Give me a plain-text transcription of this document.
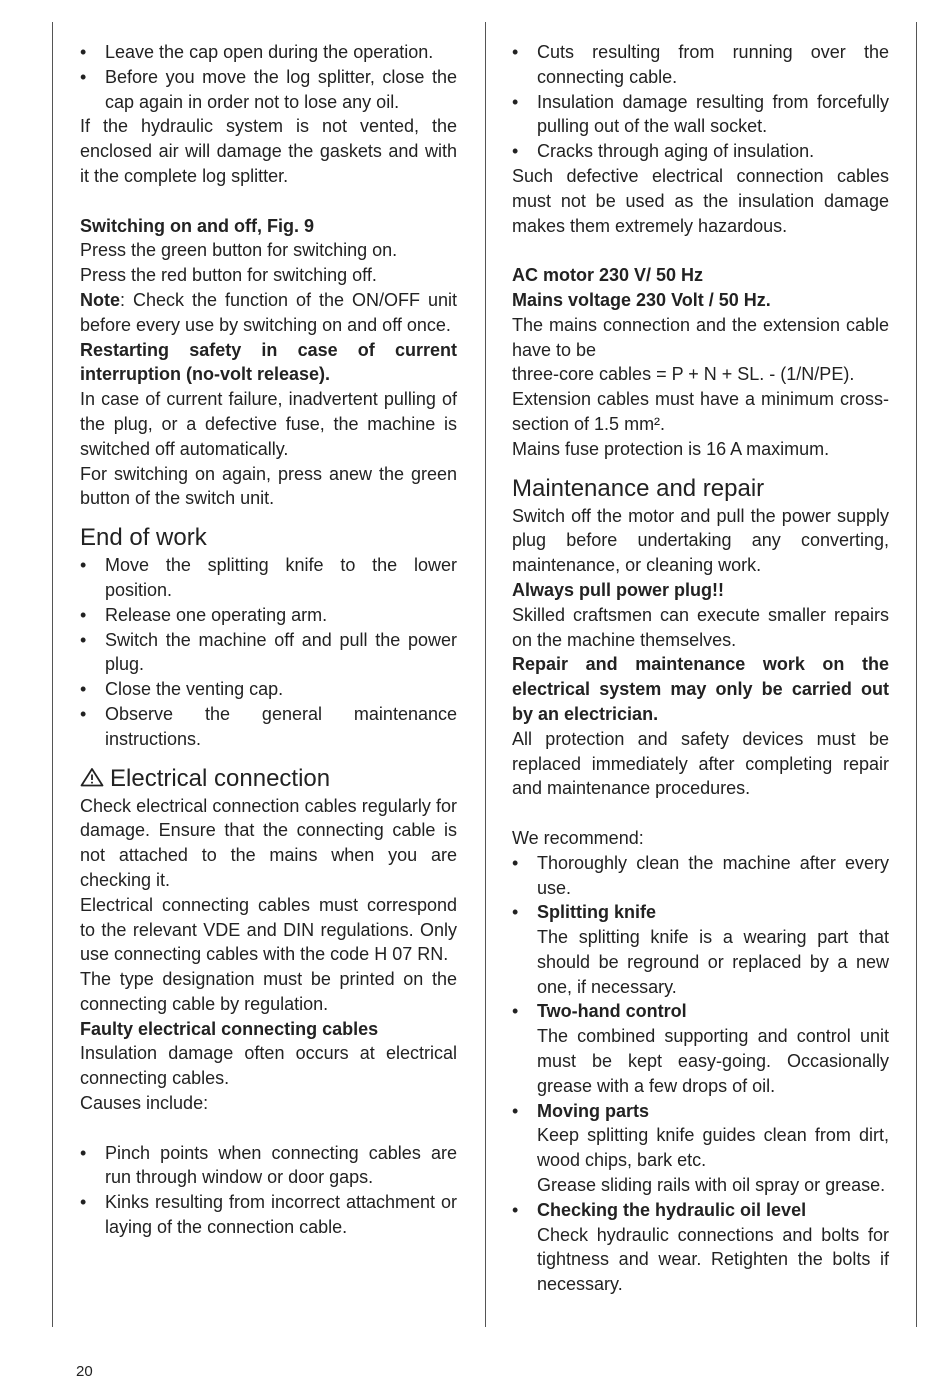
• Leave the cap open during the operation.
• Before you move the log splitter, close the cap again in order not to lose any oil.

If the hydraulic system is not vented, the enclosed air will damage the gaskets and with it the complete log splitter.

Switching on and off, Fig. 9

Press the green button for switching on.

Press the red button for switching off.

Note: Check the function of the ON/OFF unit before every use by switching on and off once.

Restarting safety in case of current interruption (no-volt release).

In case of current failure, inadvertent pulling of the plug, or a defective fuse, the machine is switched off automatically.

For switching on again, press anew the green button of the switch unit.

End of work
• Move the splitting knife to the lower position.
• Release one operating arm.
• Switch the machine off and pull the power plug.
• Close the venting cap.
• Observe the general maintenance instructions.
Electrical connection

Check electrical connection cables regularly for damage. Ensure that the connecting cable is not attached to the mains when you are checking it.

Electrical connecting cables must correspond to the relevant VDE and DIN regulations. Only use connecting cables with the code H 07 RN.

The type designation must be printed on the connecting cable by regulation.

Faulty electrical connecting cables

Insulation damage often occurs at electrical connecting cables.

Causes include:

• Pinch points when connecting cables are run through window or door gaps.
• Kinks resulting from incorrect attachment or laying of the connection cable.
• Cuts resulting from running over the connecting cable.
• Insulation damage resulting from forcefully pulling out of the wall socket.
• Cracks through aging of insulation.

Such defective electrical connection cables must not be used as the insulation damage makes them extremely hazardous.

AC motor 230 V/ 50 Hz

Mains voltage 230 Volt / 50 Hz.

The mains connection and the extension cable have to be

three-core cables = P + N + SL. - (1/N/PE).

Extension cables must have a minimum cross-section of 1.5 mm².

Mains fuse protection is 16 A maximum.

Maintenance and repair

Switch off the motor and pull the power supply plug before undertaking any converting, maintenance, or cleaning work.

Always pull power plug!!

Skilled craftsmen can execute smaller repairs on the machine themselves.

Repair and maintenance work on the electrical system may only be carried out by an electrician.

All protection and safety devices must be replaced immediately after completing repair and maintenance procedures.

We recommend:

• Thoroughly clean the machine after every use.
• Splitting knife
The splitting knife is a wearing part that should be reground or replaced by a new one, if necessary.
• Two-hand control
The combined supporting and control unit must be kept easy-going. Occasionally grease with a few drops of oil.
• Moving parts
Keep splitting knife guides clean from dirt, wood chips, bark etc.
Grease sliding rails with oil spray or grease.
• Checking the hydraulic oil level
Check hydraulic connections and bolts for tightness and wear. Retighten the bolts if necessary.
20
